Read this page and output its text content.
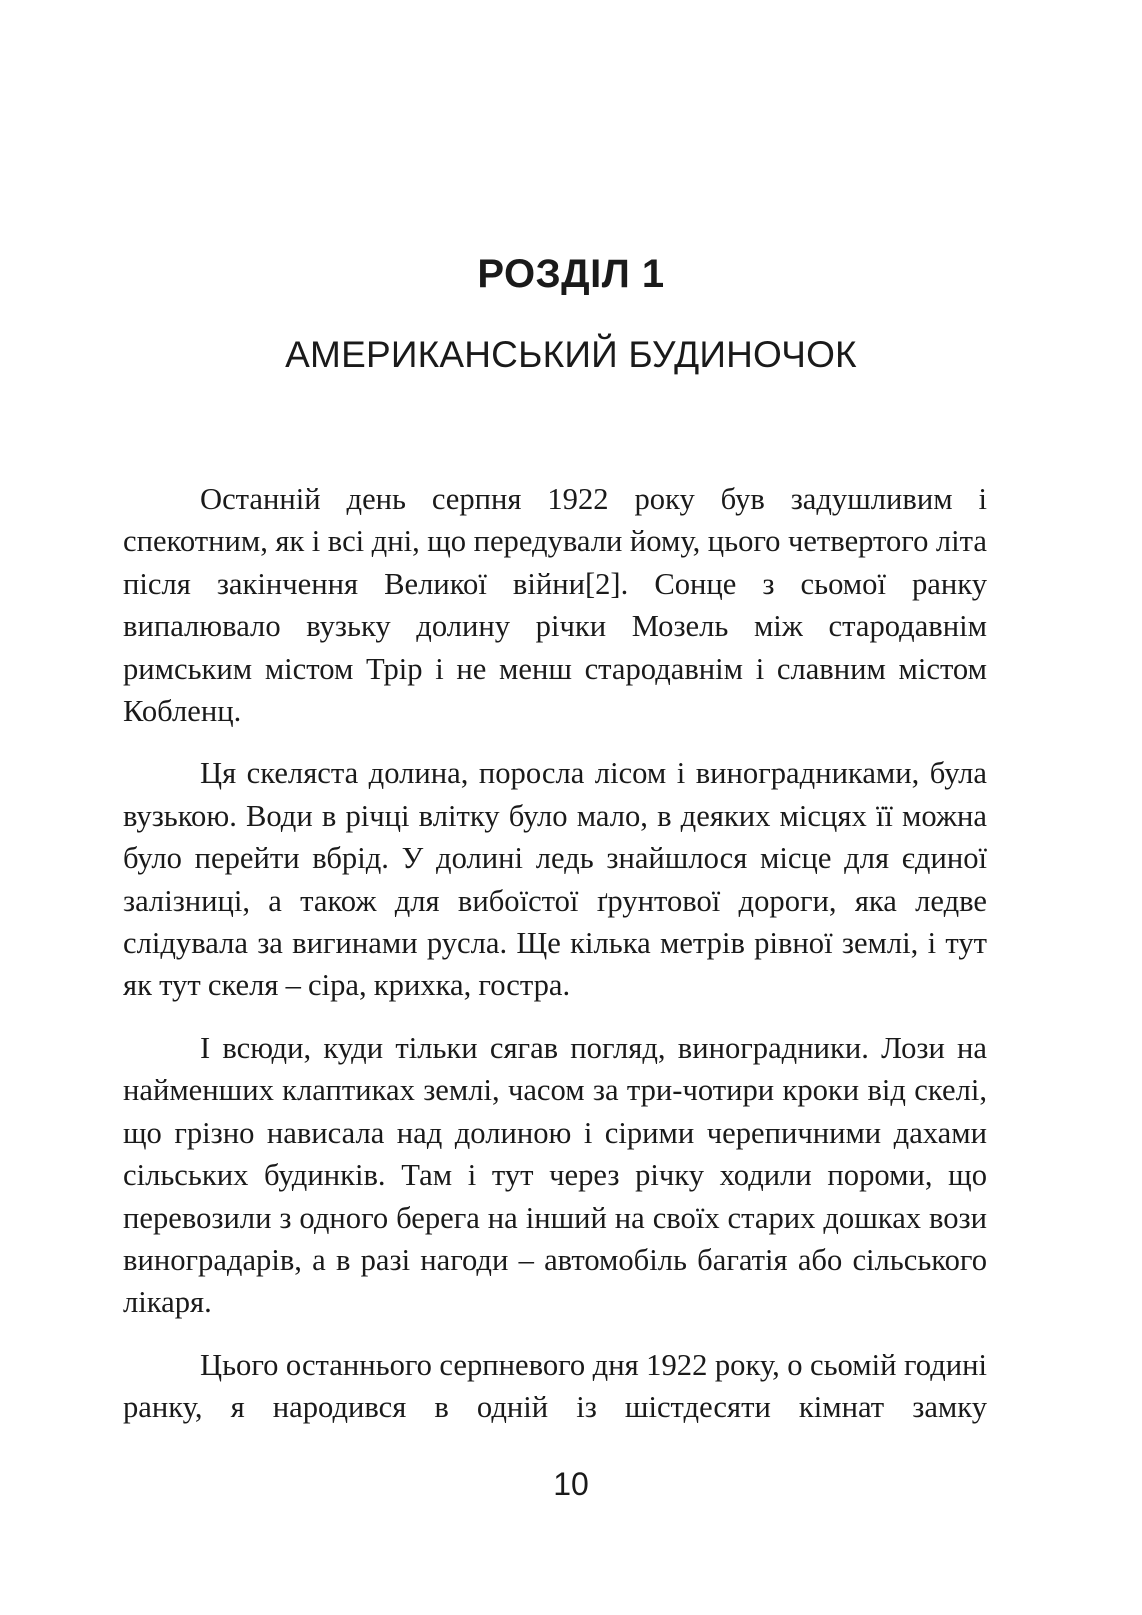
РОЗДІЛ 1
АМЕРИКАНСЬКИЙ БУДИНОЧОК

Останній день серпня 1922 року був задушливим і спекотним, як і всі дні, що передували йому, цього четвертого літа після закінчення Великої війни[2]. Сонце з сьомої ранку випалювало вузьку долину річки Мозель між стародавнім римським містом Трір і не менш стародавнім і славним містом Кобленц.

Ця скеляста долина, поросла лісом і виноградниками, була вузькою. Води в річці влітку було мало, в деяких місцях її можна було перейти вбрід. У долині ледь знайшлося місце для єдиної залізниці, а також для вибоїстої ґрунтової дороги, яка ледве слідувала за вигинами русла. Ще кілька метрів рівної землі, і тут як тут скеля – сіра, крихка, гостра.

І всюди, куди тільки сягав погляд, виноградники. Лози на найменших клаптиках землі, часом за три-чотири кроки від скелі, що грізно нависала над долиною і сірими черепичними дахами сільських будинків. Там і тут через річку ходили пороми, що перевозили з одного берега на інший на своїх старих дошках вози виноградарів, а в разі нагоди – автомобіль багатія або сільського лікаря.

Цього останнього серпневого дня 1922 року, о сьомій годині ранку, я народився в одній із шістдесяти кімнат замку

10
